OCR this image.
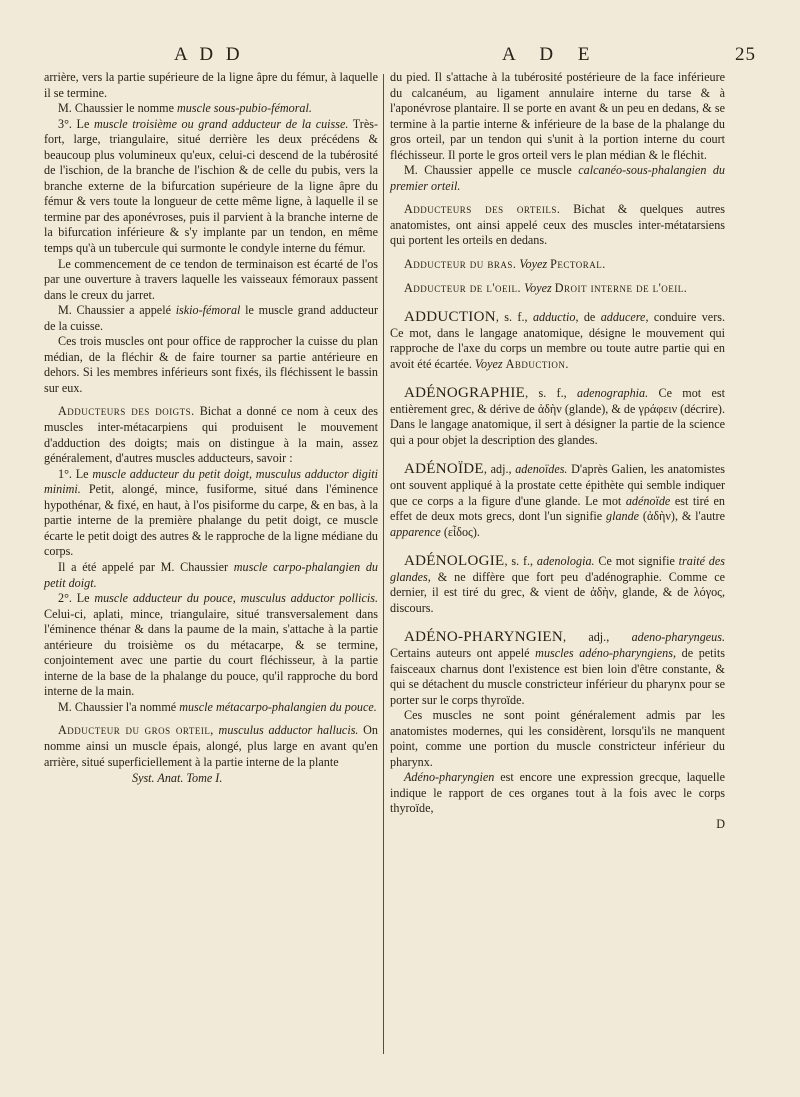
A D D	A D E	25

arrière, vers la partie supérieure de la ligne âpre du fémur, à laquelle il se termine.

M. Chaussier le nomme muscle sous-pubio-fémoral.

3°. Le muscle troisième ou grand adducteur de la cuisse. Très-fort, large, triangulaire, situé derrière les deux précédens & beaucoup plus volumineux qu'eux, celui-ci descend de la tubérosité de l'ischion, de la branche de l'ischion & de celle du pubis, vers la branche externe de la bifurcation supérieure de la ligne âpre du fémur & vers toute la longueur de cette même ligne, à laquelle il se termine par des aponévroses, puis il parvient à la branche interne de la bifurcation inférieure & s'y implante par un tendon, en même temps qu'à un tubercule qui surmonte le condyle interne du fémur.

Le commencement de ce tendon de terminaison est écarté de l'os par une ouverture à travers laquelle les vaisseaux fémoraux passent dans le creux du jarret.

M. Chaussier a appelé iskio-fémoral le muscle grand adducteur de la cuisse.

Ces trois muscles ont pour office de rapprocher la cuisse du plan médian, de la fléchir & de faire tourner sa partie antérieure en dehors. Si les membres inférieurs sont fixés, ils fléchissent le bassin sur eux.

Adducteurs des doigts. Bichat a donné ce nom à ceux des muscles inter-métacarpiens qui produisent le mouvement d'adduction des doigts; mais on distingue à la main, assez généralement, d'autres muscles adducteurs, savoir :

1°. Le muscle adducteur du petit doigt, musculus adductor digiti minimi. Petit, alongé, mince, fusiforme, situé dans l'éminence hypothénar, & fixé, en haut, à l'os pisiforme du carpe, & en bas, à la partie interne de la première phalange du petit doigt, ce muscle écarte le petit doigt des autres & le rapproche de la ligne médiane du corps.

Il a été appelé par M. Chaussier muscle carpo-phalangien du petit doigt.

2°. Le muscle adducteur du pouce, musculus adductor pollicis. Celui-ci, aplati, mince, triangulaire, situé transversalement dans l'éminence thénar & dans la paume de la main, s'attache à la partie antérieure du troisième os du métacarpe, & se termine, conjointement avec une partie du court fléchisseur, à la partie interne de la base de la phalange du pouce, qu'il rapproche du bord interne de la main.

M. Chaussier l'a nommé muscle métacarpo-phalangien du pouce.

Adducteur du gros orteil, musculus adductor hallucis. On nomme ainsi un muscle épais, alongé, plus large en avant qu'en arrière, situé superficiellement à la partie interne de la plante

Syst. Anat. Tome I.

du pied. Il s'attache à la tubérosité postérieure de la face inférieure du calcanéum, au ligament annulaire interne du tarse & à l'aponévrose plantaire. Il se porte en avant & un peu en dedans, & se termine à la partie interne & inférieure de la base de la phalange du gros orteil, par un tendon qui s'unit à la portion interne du court fléchisseur. Il porte le gros orteil vers le plan médian & le fléchit.

M. Chaussier appelle ce muscle calcanéo-sous-phalangien du premier orteil.

Adducteurs des orteils. Bichat & quelques autres anatomistes, ont ainsi appelé ceux des muscles inter-métatarsiens qui portent les orteils en dedans.

Adducteur du bras. Voyez Pectoral.

Adducteur de l'oeil. Voyez Droit interne de l'oeil.

ADDUCTION, s. f., adductio, de adducere, conduire vers. Ce mot, dans le langage anatomique, désigne le mouvement qui rapproche de l'axe du corps un membre ou toute autre partie qui en avoit été écartée. Voyez Abduction.

ADÉNOGRAPHIE, s. f., adenographia. Ce mot est entièrement grec, & dérive de ἀδὴν (glande), & de γράφειν (décrire). Dans le langage anatomique, il sert à désigner la partie de la science qui a pour objet la description des glandes.

ADÉNOÏDE, adj., adenoïdes. D'après Galien, les anatomistes ont souvent appliqué à la prostate cette épithète qui semble indiquer que ce corps a la figure d'une glande. Le mot adénoïde est tiré en effet de deux mots grecs, dont l'un signifie glande (ἀδὴν), & l'autre apparence (εἶδος).

ADÉNOLOGIE, s. f., adenologia. Ce mot signifie traité des glandes, & ne diffère que fort peu d'adénographie. Comme ce dernier, il est tiré du grec, & vient de ἀδὴν, glande, & de λόγος, discours.

ADÉNO-PHARYNGIEN, adj., adeno-pharyngeus. Certains auteurs ont appelé muscles adéno-pharyngiens, de petits faisceaux charnus dont l'existence est bien loin d'être constante, & qui se détachent du muscle constricteur inférieur du pharynx pour se porter sur le corps thyroïde.

Ces muscles ne sont point généralement admis par les anatomistes modernes, qui les considèrent, lorsqu'ils ne manquent point, comme une portion du muscle constricteur inférieur du pharynx.

Adéno-pharyngien est encore une expression grecque, laquelle indique le rapport de ces organes tout à la fois avec le corps thyroïde,

D
